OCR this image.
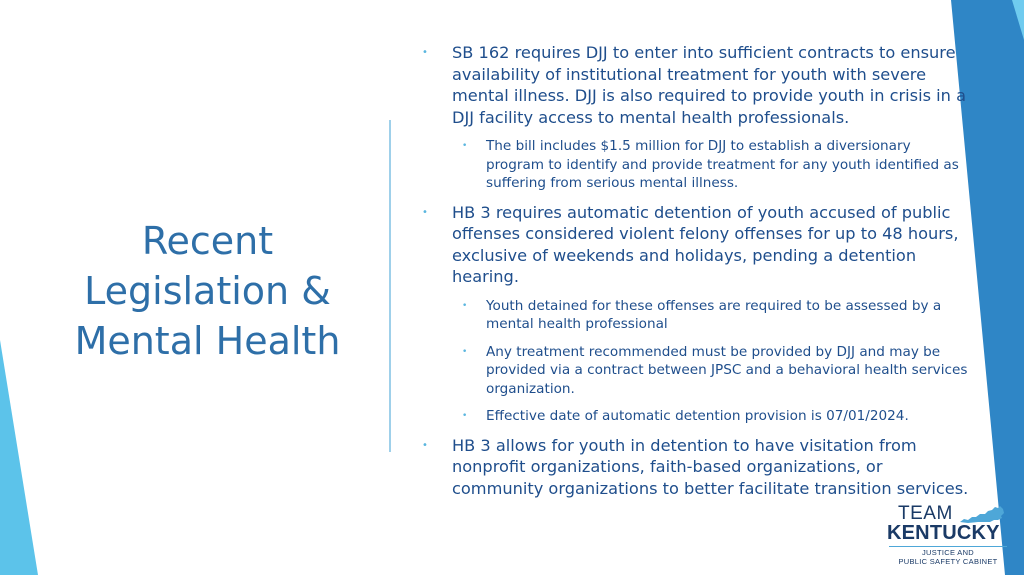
Recent
Legislation &
Mental Health
• SB 162 requires DJJ to enter into sufficient contracts to ensure availability of institutional treatment for youth with severe mental illness. DJJ is also required to provide youth in crisis in a DJJ facility access to mental health professionals.
• The bill includes $1.5 million for DJJ to establish a diversionary program to identify and provide treatment for any youth identified as suffering from serious mental illness.
• HB 3 requires automatic detention of youth accused of public offenses considered violent felony offenses for up to 48 hours, exclusive of weekends and holidays, pending a detention hearing.
• Youth detained for these offenses are required to be assessed by a mental health professional
• Any treatment recommended must be provided by DJJ and may be provided via a contract between JPSC and a behavioral health services organization.
• Effective date of automatic detention provision is 07/01/2024.
• HB 3 allows for youth in detention to have visitation from nonprofit organizations, faith-based organizations, or community organizations to better facilitate transition services.
TEAM
KENTUCKY
JUSTICE AND
PUBLIC SAFETY CABINET
